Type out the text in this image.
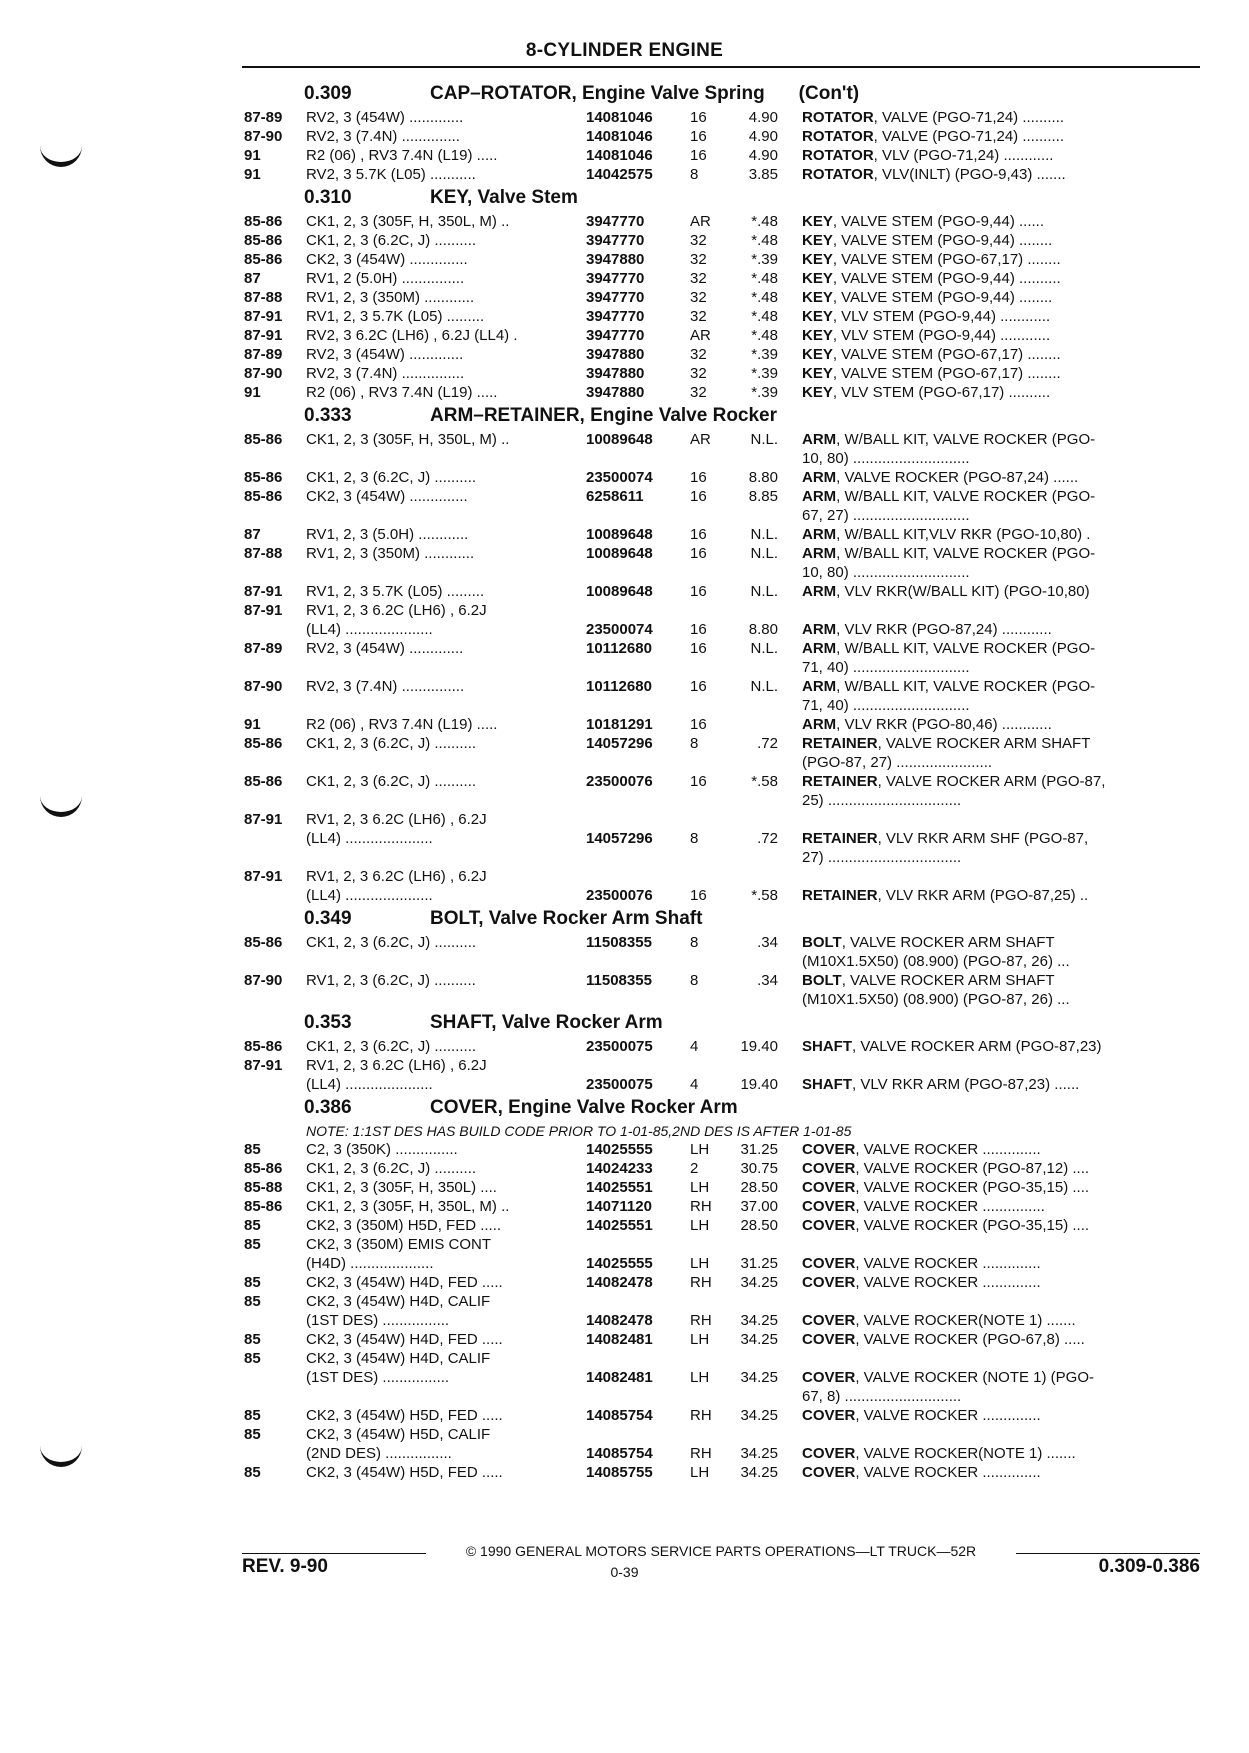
8-CYLINDER ENGINE
0.309	CAP–ROTATOR, Engine Valve Spring (Con't)
87-89	RV2, 3 (454W) .............	14081046	16	4.90 ROTATOR, VALVE (PGO-71,24) ..........
87-90	RV2, 3 (7.4N) ..............	14081046	16	4.90 ROTATOR, VALVE (PGO-71,24) ..........
91	R2 (06) , RV3 7.4N (L19) .....	14081046	16	4.90 ROTATOR, VLV (PGO-71,24) ............
91	RV2, 3 5.7K (L05) ...........	14042575	8	3.85 ROTATOR, VLV(INLT) (PGO-9,43) .......
0.310	KEY, Valve Stem
85-86	CK1, 2, 3 (305F, H, 350L, M) ..	3947770	AR	*.48 KEY, VALVE STEM (PGO-9,44) ......
85-86	CK1, 2, 3 (6.2C, J) ..........	3947770	32	*.48 KEY, VALVE STEM (PGO-9,44) ........
85-86	CK2, 3 (454W) ..............	3947880	32	*.39 KEY, VALVE STEM (PGO-67,17) ........
87	RV1, 2 (5.0H) ...............	3947770	32	*.48 KEY, VALVE STEM (PGO-9,44) ..........
87-88	RV1, 2, 3 (350M) ............	3947770	32	*.48 KEY, VALVE STEM (PGO-9,44) ........
87-91	RV1, 2, 3 5.7K (L05) .........	3947770	32	*.48 KEY, VLV STEM (PGO-9,44) ............
87-91	RV2, 3 6.2C (LH6) , 6.2J (LL4) .	3947770	AR	*.48 KEY, VLV STEM (PGO-9,44) ............
87-89	RV2, 3 (454W) .............	3947880	32	*.39 KEY, VALVE STEM (PGO-67,17) ........
87-90	RV2, 3 (7.4N) ...............	3947880	32	*.39 KEY, VALVE STEM (PGO-67,17) ........
91	R2 (06) , RV3 7.4N (L19) .....	3947880	32	*.39 KEY, VLV STEM (PGO-67,17) ..........
0.333	ARM–RETAINER, Engine Valve Rocker
85-86	CK1, 2, 3 (305F, H, 350L, M) ..	10089648	AR	N.L. ARM, W/BALL KIT, VALVE ROCKER (PGO-
10, 80) ............................
85-86	CK1, 2, 3 (6.2C, J) ..........	23500074	16	8.80 ARM, VALVE ROCKER (PGO-87,24) ......
85-86	CK2, 3 (454W) ..............	6258611	16	8.85 ARM, W/BALL KIT, VALVE ROCKER (PGO-
67, 27) ............................
87	RV1, 2, 3 (5.0H) ............	10089648	16	N.L. ARM, W/BALL KIT,VLV RKR (PGO-10,80) .
87-88	RV1, 2, 3 (350M) ............	10089648	16	N.L. ARM, W/BALL KIT, VALVE ROCKER (PGO-
10, 80) ............................
87-91	RV1, 2, 3 5.7K (L05) .........	10089648	16	N.L. ARM, VLV RKR(W/BALL KIT) (PGO-10,80)
87-91	RV1, 2, 3 6.2C (LH6) , 6.2J
(LL4) .....................	23500074	16	8.80 ARM, VLV RKR (PGO-87,24) ............
87-89	RV2, 3 (454W) .............	10112680	16	N.L. ARM, W/BALL KIT, VALVE ROCKER (PGO-
71, 40) ............................
87-90	RV2, 3 (7.4N) ...............	10112680	16	N.L. ARM, W/BALL KIT, VALVE ROCKER (PGO-
71, 40) ............................
91	R2 (06) , RV3 7.4N (L19) .....	10181291	16	ARM, VLV RKR (PGO-80,46) ............
85-86	CK1, 2, 3 (6.2C, J) ..........	14057296	8	.72 RETAINER, VALVE ROCKER ARM SHAFT
(PGO-87, 27) .......................
85-86	CK1, 2, 3 (6.2C, J) ..........	23500076	16	*.58 RETAINER, VALVE ROCKER ARM (PGO-87,
25) ................................
87-91	RV1, 2, 3 6.2C (LH6) , 6.2J
(LL4) .....................	14057296	8	.72 RETAINER, VLV RKR ARM SHF (PGO-87,
27) ................................
87-91	RV1, 2, 3 6.2C (LH6) , 6.2J
(LL4) .....................	23500076	16	*.58 RETAINER, VLV RKR ARM (PGO-87,25) ..
0.349	BOLT, Valve Rocker Arm Shaft
85-86	CK1, 2, 3 (6.2C, J) ..........	11508355	8	.34 BOLT, VALVE ROCKER ARM SHAFT
(M10X1.5X50) (08.900) (PGO-87, 26) ...
87-90	RV1, 2, 3 (6.2C, J) ..........	11508355	8	.34 BOLT, VALVE ROCKER ARM SHAFT
(M10X1.5X50) (08.900) (PGO-87, 26) ...
0.353	SHAFT, Valve Rocker Arm
85-86	CK1, 2, 3 (6.2C, J) ..........	23500075	4	19.40 SHAFT, VALVE ROCKER ARM (PGO-87,23)
87-91	RV1, 2, 3 6.2C (LH6) , 6.2J
(LL4) .....................	23500075	4	19.40 SHAFT, VLV RKR ARM (PGO-87,23) ......
0.386	COVER, Engine Valve Rocker Arm
NOTE: 1:1ST DES HAS BUILD CODE PRIOR TO 1-01-85,2ND DES IS AFTER 1-01-85
85	C2, 3 (350K) ...............	14025555	LH	31.25 COVER, VALVE ROCKER ..............
85-86	CK1, 2, 3 (6.2C, J) ..........	14024233	2	30.75 COVER, VALVE ROCKER (PGO-87,12) ....
85-88	CK1, 2, 3 (305F, H, 350L) ....	14025551	LH	28.50 COVER, VALVE ROCKER (PGO-35,15) ....
85-86	CK1, 2, 3 (305F, H, 350L, M) ..	14071120	RH	37.00 COVER, VALVE ROCKER ...............
85	CK2, 3 (350M) H5D, FED .....	14025551	LH	28.50 COVER, VALVE ROCKER (PGO-35,15) ....
85	CK2, 3 (350M) EMIS CONT
(H4D) ....................	14025555	LH	31.25 COVER, VALVE ROCKER ..............
85	CK2, 3 (454W) H4D, FED .....	14082478	RH	34.25 COVER, VALVE ROCKER ..............
85	CK2, 3 (454W) H4D, CALIF
(1ST DES) ................	14082478	RH	34.25 COVER, VALVE ROCKER(NOTE 1) .......
85	CK2, 3 (454W) H4D, FED .....	14082481	LH	34.25 COVER, VALVE ROCKER (PGO-67,8) .....
85	CK2, 3 (454W) H4D, CALIF
(1ST DES) ................	14082481	LH	34.25 COVER, VALVE ROCKER (NOTE 1) (PGO-
67, 8) ............................
85	CK2, 3 (454W) H5D, FED .....	14085754	RH	34.25 COVER, VALVE ROCKER ..............
85	CK2, 3 (454W) H5D, CALIF
(2ND DES) ................	14085754	RH	34.25 COVER, VALVE ROCKER(NOTE 1) .......
85	CK2, 3 (454W) H5D, FED .....	14085755	LH	34.25 COVER, VALVE ROCKER ..............
© 1990 GENERAL MOTORS SERVICE PARTS OPERATIONS—LT TRUCK—52R
REV. 9-90	0-39	0.309-0.386
